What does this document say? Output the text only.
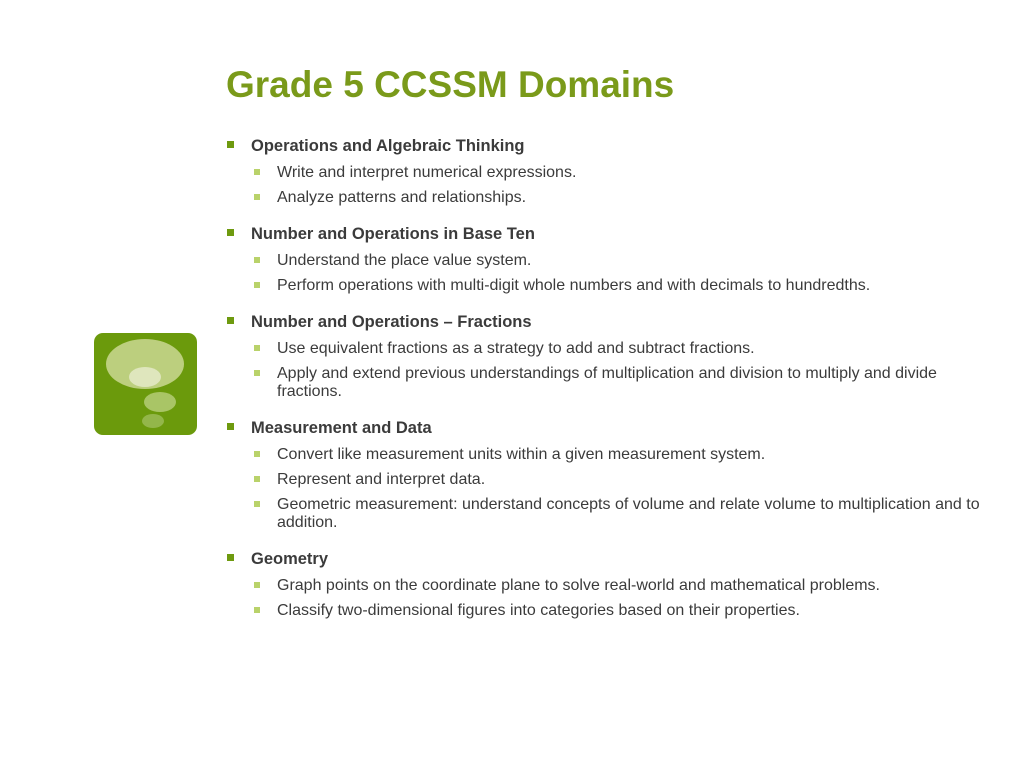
Grade 5 CCSSM Domains
Operations and Algebraic Thinking
Write and interpret numerical expressions.
Analyze patterns and relationships.
Number and Operations in Base Ten
Understand the place value system.
Perform operations with multi-digit whole numbers and with decimals to hundredths.
Number and Operations – Fractions
Use equivalent fractions as a strategy to add and subtract fractions.
Apply and extend previous understandings of multiplication and division to multiply and divide fractions.
Measurement and Data
Convert like measurement units within a given measurement system.
Represent and interpret data.
Geometric measurement: understand concepts of volume and relate volume to multiplication and to addition.
Geometry
Graph points on the coordinate plane to solve real-world and mathematical problems.
Classify two-dimensional figures into categories based on their properties.
